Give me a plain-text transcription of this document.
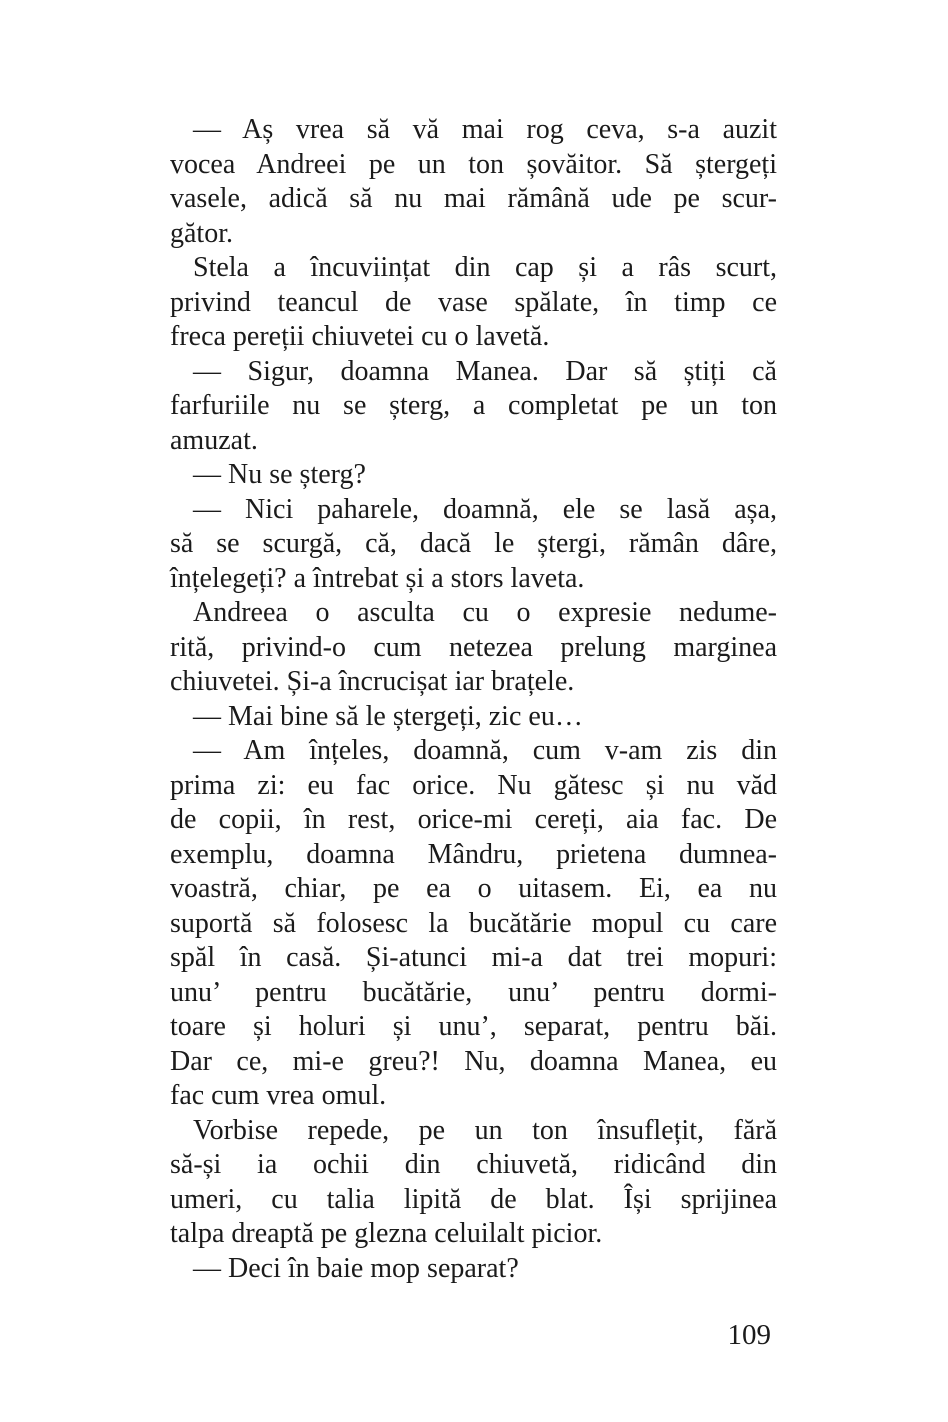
— Aș vrea să vă mai rog ceva, s-a auzit
vocea Andreei pe un ton șovăitor. Să ștergeți
vasele, adică să nu mai rămână ude pe scur-
gător.
Stela a încuviințat din cap și a râs scurt,
privind teancul de vase spălate, în timp ce
freca pereții chiuvetei cu o lavetă.
— Sigur, doamna Manea. Dar să știți că
farfuriile nu se șterg, a completat pe un ton
amuzat.
— Nu se șterg?
— Nici paharele, doamnă, ele se lasă așa,
să se scurgă, că, dacă le ștergi, rămân dâre,
înțelegeți? a întrebat și a stors laveta.
Andreea o asculta cu o expresie nedume-
rită, privind-o cum netezea prelung marginea
chiuvetei. Și-a încrucișat iar brațele.
— Mai bine să le ștergeți, zic eu…
— Am înțeles, doamnă, cum v-am zis din
prima zi: eu fac orice. Nu gătesc și nu văd
de copii, în rest, orice-mi cereți, aia fac. De
exemplu, doamna Mândru, prietena dumnea-
voastră, chiar, pe ea o uitasem. Ei, ea nu
suportă să folosesc la bucătărie mopul cu care
spăl în casă. Și-atunci mi-a dat trei mopuri:
unu’ pentru bucătărie, unu’ pentru dormi-
toare și holuri și unu’, separat, pentru băi.
Dar ce, mi-e greu?! Nu, doamna Manea, eu
fac cum vrea omul.
Vorbise repede, pe un ton însuflețit, fără
să-și ia ochii din chiuvetă, ridicând din
umeri, cu talia lipită de blat. Își sprijinea
talpa dreaptă pe glezna celuilalt picior.
— Deci în baie mop separat?
109
